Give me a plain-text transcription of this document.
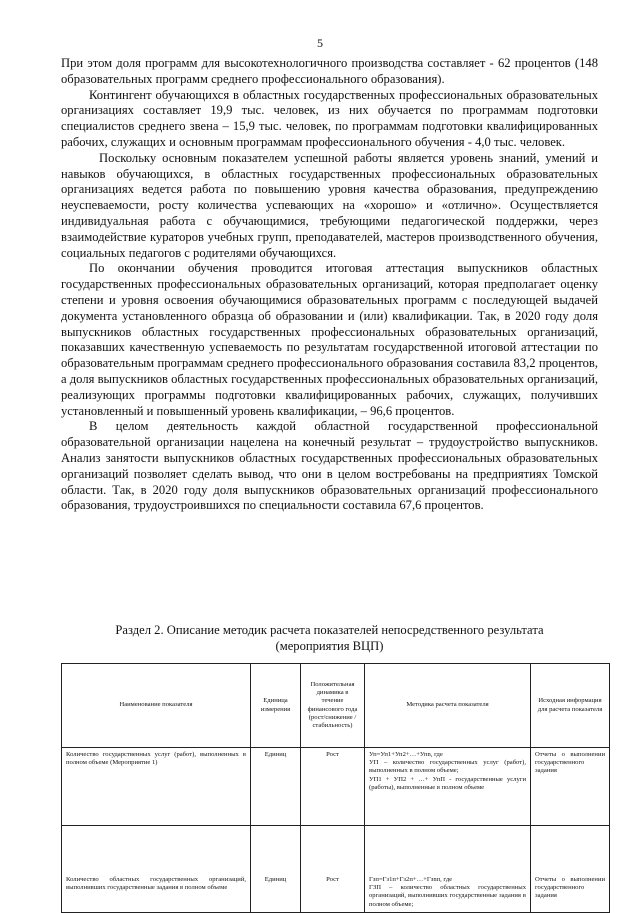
5

При этом доля программ для высокотехнологичного производства составляет - 62 процентов (148 образовательных программ среднего профессионального образования).

Контингент обучающихся в областных государственных профессиональных образовательных организациях составляет 19,9 тыс. человек, из них обучается по программам подготовки специалистов среднего звена – 15,9 тыс. человек, по программам подготовки квалифицированных рабочих, служащих и основным программам профессионального обучения - 4,0 тыс. человек.

Поскольку основным показателем успешной работы является уровень знаний, умений и навыков обучающихся, в областных государственных профессиональных образовательных организациях ведется работа по повышению уровня качества образования, предупреждению неуспеваемости, росту количества успевающих на «хорошо» и «отлично». Осуществляется индивидуальная работа с обучающимися, требующими педагогической поддержки, через взаимодействие кураторов учебных групп, преподавателей, мастеров производственного обучения, социальных педагогов с родителями обучающихся.

По окончании обучения проводится итоговая аттестация выпускников областных государственных профессиональных образовательных организаций, которая предполагает оценку степени и уровня освоения обучающимися образовательных программ с последующей выдачей документа установленного образца об образовании и (или) квалификации. Так, в 2020 году доля выпускников областных государственных профессиональных образовательных организаций, показавших качественную успеваемость по результатам государственной итоговой аттестации по образовательным программам среднего профессионального образования составила 83,2 процентов, а доля выпускников областных государственных профессиональных образовательных организаций, реализующих программы подготовки квалифицированных рабочих, служащих, получивших установленный и повышенный уровень квалификации, – 96,6 процентов.

В целом деятельность каждой областной государственной профессиональной образовательной организации нацелена на конечный результат – трудоустройство выпускников. Анализ занятости выпускников областных государственных профессиональных образовательных организаций позволяет сделать вывод, что они в целом востребованы на предприятиях Томской области. Так, в 2020 году доля выпускников образовательных организаций профессионального образования, трудоустроившихся по специальности составила 67,6 процентов.

Раздел 2. Описание методик расчета показателей непосредственного результата
(мероприятия ВЦП)
Наименование показателя	Единица измерения	Положительная динамика в течение финансового года (рост/снижение /стабильность)	Методика расчета показателя	Исходная информация для расчета показателя
Количество государственных услуг (работ), выполненных в полном объеме (Мероприятие 1)	Единиц	Рост	Уп=Уп1+Уп2+…+Упn, где

УП – количество государственных услуг (работ), выполненных в полном объеме;

УП1 + УП2 + …+ УпП - государственные услуги (работы), выполненные в полном объеме	Отчеты о выполнении государственного задания
Количество областных государственных организаций, выполнивших государственные задания в полном объеме	Единиц	Рост	Гзп=Гз1п+Гз2п+…+Гзnп, где

ГЗП – количество областных государственных организаций, выполнивших государственные задания в полном объеме;	Отчеты о выполнении государственного задания
